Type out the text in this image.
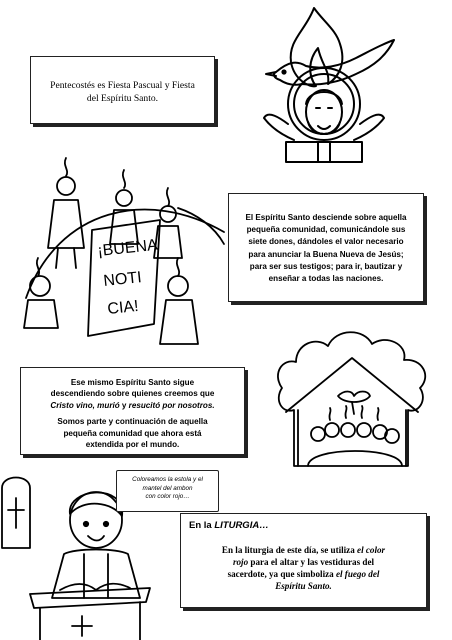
Pentecostés es Fiesta Pascual y Fiesta
del Espíritu Santo.
¡BUENA
NOTI
CIA!
El Espíritu Santo desciende sobre aquella
pequeña comunidad, comunicándole sus
siete dones, dándoles el valor necesario
para anunciar la Buena Nueva de Jesús;
para ser sus testigos; para ir, bautizar y
enseñar a todas las naciones.
Ese mismo Espíritu Santo sigue
descendiendo sobre quienes creemos que
Cristo vino, murió y resucitó por nosotros.
Somos parte y continuación de aquella
pequeña comunidad que ahora está
extendida por el mundo.
Coloreamos la estola y el
mantel del ambon
con color rojo…
En la LITURGIA…
En la liturgia de este día, se utiliza el color
rojo para el altar y las vestiduras del
sacerdote, ya que simboliza el fuego del
Espíritu Santo.
